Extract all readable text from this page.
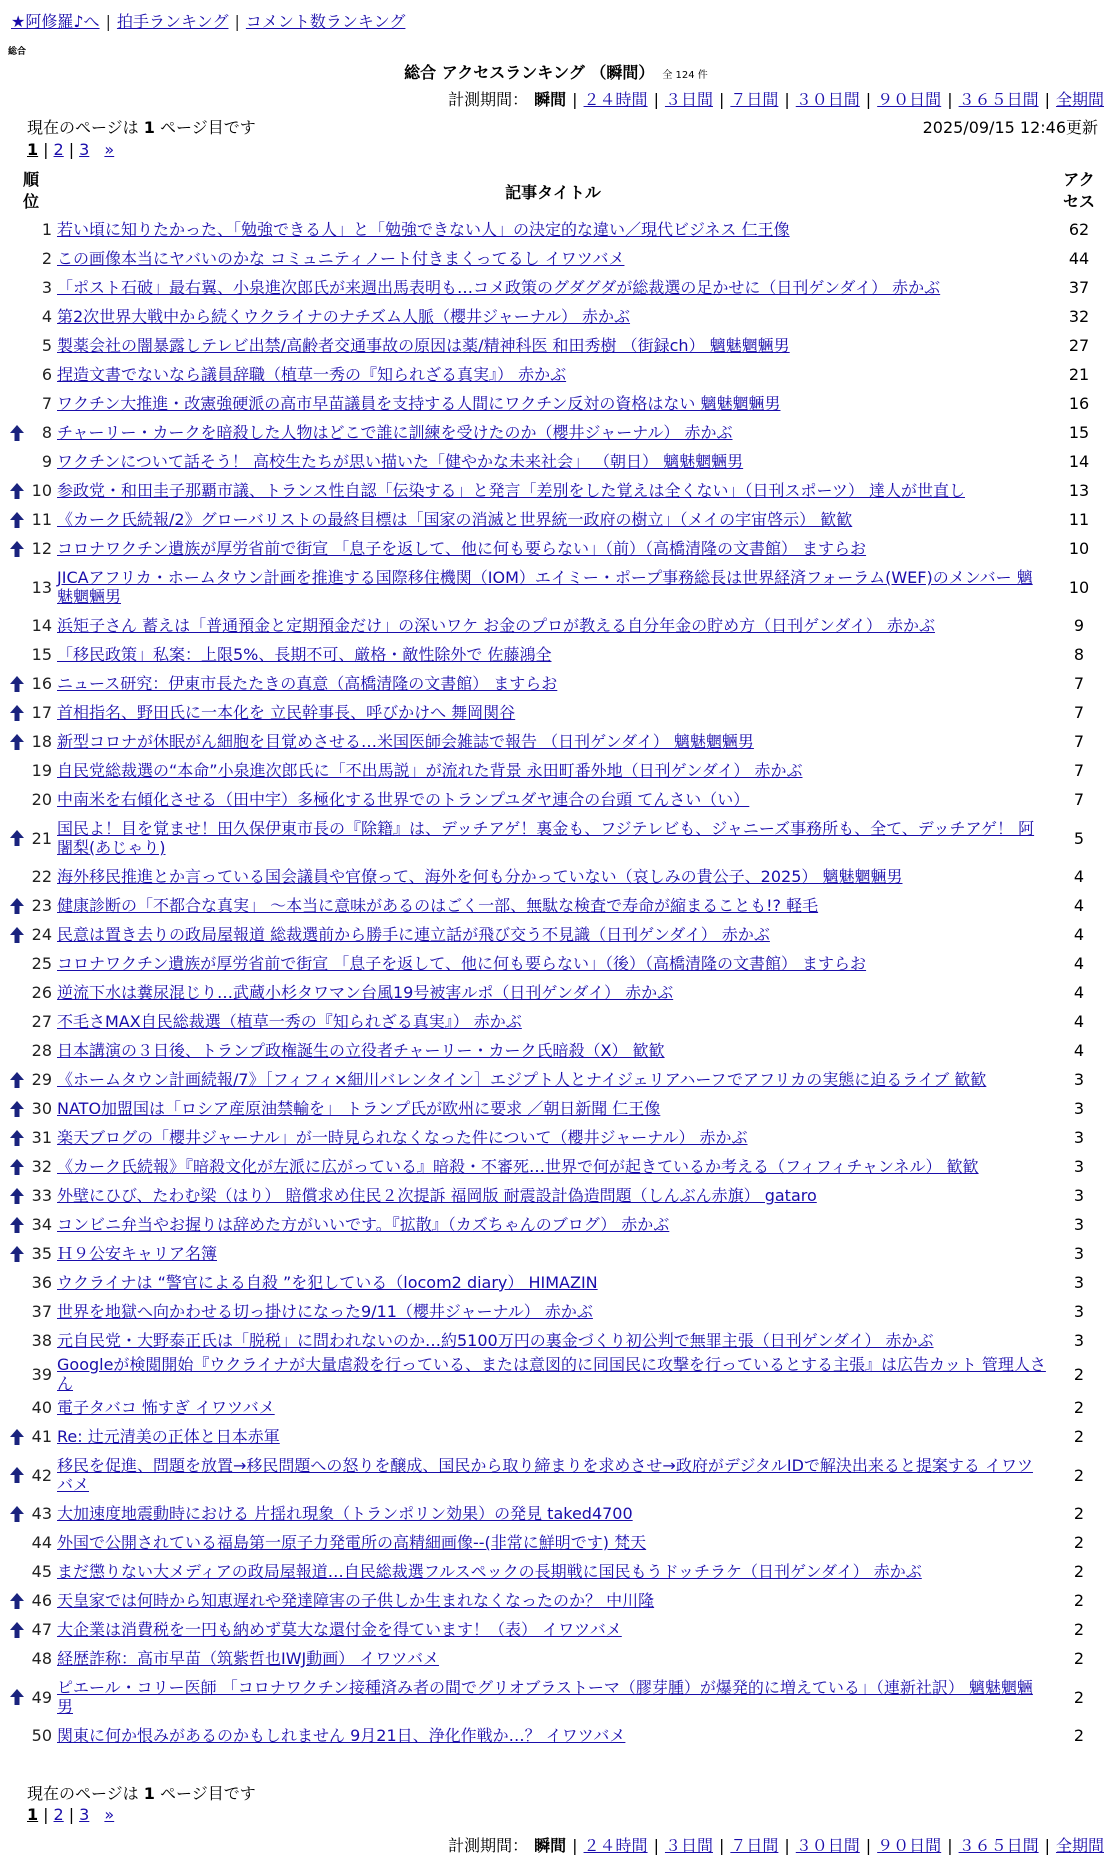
★阿修羅♪へ | 拍手ランキング | コメント数ランキング
総合
総合 アクセスランキング （瞬間） 全 124 件
計測期間： 瞬間 | ２４時間 | ３日間 | ７日間 | ３０日間 | ９０日間 | ３６５日間 | 全期間
現在のページは 1 ページ目です	2025/09/15 12:46更新
1 | 2 | 3 »
順位	記事タイトル	アクセス
1	若い頃に知りたかった、「勉強できる人」と「勉強できない人」の決定的な違い／現代ビジネス 仁王像	62
2	この画像本当にヤバいのかな コミュニティノート付きまくってるし イワツバメ	44
3	「ポスト石破」最右翼、小泉進次郎氏が来週出馬表明も…コメ政策のグダグダが総裁選の足かせに（日刊ゲンダイ） 赤かぶ	37
4	第2次世界大戦中から続くウクライナのナチズム人脈（櫻井ジャーナル） 赤かぶ	32
5	製薬会社の闇暴露しテレビ出禁/高齢者交通事故の原因は薬/精神科医 和田秀樹 （街録ch） 魑魅魍魎男	27
6	捏造文書でないなら議員辞職（植草一秀の『知られざる真実』） 赤かぶ	21
7	ワクチン大推進・改憲強硬派の高市早苗議員を支持する人間にワクチン反対の資格はない 魑魅魍魎男	16

8	チャーリー・カークを暗殺した人物はどこで誰に訓練を受けたのか（櫻井ジャーナル） 赤かぶ	15
9	ワクチンについて話そう！ 高校生たちが思い描いた「健やかな未来社会」 （朝日） 魑魅魍魎男	14

10	参政党・和田圭子那覇市議、トランス性自認「伝染する」と発言「差別をした覚えは全くない」（日刊スポーツ） 達人が世直し	13

11	《カーク氏続報/2》グローバリストの最終目標は「国家の消滅と世界統一政府の樹立」（メイの宇宙啓示） 歓歓	11

12	コロナワクチン遺族が厚労省前で街宣 「息子を返して、他に何も要らない」（前）（高橋清隆の文書館） ますらお	10
13	JICAアフリカ・ホームタウン計画を推進する国際移住機関（IOM）エイミー・ポープ事務総長は世界経済フォーラム(WEF)のメンバー 魑魅魍魎男	10
14	浜矩子さん 蓄えは「普通預金と定期預金だけ」の深いワケ お金のプロが教える自分年金の貯め方（日刊ゲンダイ） 赤かぶ	9
15	「移民政策」私案：上限5%、長期不可、厳格・敵性除外で 佐藤鴻全	8

16	ニュース研究：伊東市長たたきの真意（高橋清隆の文書館） ますらお	7

17	首相指名、野田氏に一本化を 立民幹事長、呼びかけへ 舞岡関谷	7

18	新型コロナが休眠がん細胞を目覚めさせる…米国医師会雑誌で報告 （日刊ゲンダイ） 魑魅魍魎男	7
19	自民党総裁選の“本命”小泉進次郎氏に「不出馬説」が流れた背景 永田町番外地（日刊ゲンダイ） 赤かぶ	7
20	中南米を右傾化させる（田中宇）多極化する世界でのトランプユダヤ連合の台頭 てんさい（い）	7

21	国民よ！目を覚ませ！田久保伊東市長の『除籍』は、デッチアゲ！裏金も、フジテレビも、ジャニーズ事務所も、全て、デッチアゲ！ 阿闍梨(あじゃり)	5
22	海外移民推進とか言っている国会議員や官僚って、海外を何も分かっていない（哀しみの貴公子、2025） 魑魅魍魎男	4

23	健康診断の「不都合な真実」 ～本当に意味があるのはごく一部、無駄な検査で寿命が縮まることも!? 軽毛	4

24	民意は置き去りの政局屋報道 総裁選前から勝手に連立話が飛び交う不見識（日刊ゲンダイ） 赤かぶ	4
25	コロナワクチン遺族が厚労省前で街宣 「息子を返して、他に何も要らない」（後）（高橋清隆の文書館） ますらお	4
26	逆流下水は糞尿混じり…武蔵小杉タワマン台風19号被害ルポ（日刊ゲンダイ） 赤かぶ	4
27	不毛さMAX自民総裁選（植草一秀の『知られざる真実』） 赤かぶ	4
28	日本講演の３日後、トランプ政権誕生の立役者チャーリー・カーク氏暗殺（X） 歓歓	4

29	《ホームタウン計画続報/7》［フィフィ×細川バレンタイン］エジプト人とナイジェリアハーフでアフリカの実態に迫るライブ 歓歓	3

30	NATO加盟国は「ロシア産原油禁輸を」 トランプ氏が欧州に要求 ／朝日新聞 仁王像	3

31	楽天ブログの「櫻井ジャーナル」が一時見られなくなった件について（櫻井ジャーナル） 赤かぶ	3

32	《カーク氏続報》『暗殺文化が左派に広がっている』暗殺・不審死…世界で何が起きているか考える（フィフィチャンネル） 歓歓	3

33	外壁にひび、たわむ梁（はり） 賠償求め住民２次提訴 福岡版 耐震設計偽造問題（しんぶん赤旗） gataro	3

34	コンビニ弁当やお握りは辞めた方がいいです。『拡散』（カズちゃんのブログ） 赤かぶ	3

35	Ｈ９公安キャリア名簿	3
36	ウクライナは “警官による自殺 ”を犯している（locom2 diary） HIMAZIN	3
37	世界を地獄へ向かわせる切っ掛けになった9/11（櫻井ジャーナル） 赤かぶ	3
38	元自民党・大野泰正氏は「脱税」に問われないのか…約5100万円の裏金づくり初公判で無罪主張（日刊ゲンダイ） 赤かぶ	3
39	Googleが検閲開始『ウクライナが大量虐殺を行っている、または意図的に同国民に攻撃を行っているとする主張』は広告カット 管理人さん	2
40	電子タバコ 怖すぎ イワツバメ	2

41	Re: 辻元清美の正体と日本赤軍	2

42	移民を促進、問題を放置→移民問題への怒りを醸成、国民から取り締まりを求めさせ→政府がデジタルIDで解決出来ると提案する イワツバメ	2

43	大加速度地震動時における 片揺れ現象（トランポリン効果）の発見 taked4700	2
44	外国で公開されている福島第一原子力発電所の高精細画像--(非常に鮮明です) 梵天	2
45	まだ懲りない大メディアの政局屋報道…自民総裁選フルスペックの長期戦に国民もうドッチラケ（日刊ゲンダイ） 赤かぶ	2

46	天皇家では何時から知恵遅れや発達障害の子供しか生まれなくなったのか？ 中川隆	2

47	大企業は消費税を一円も納めず莫大な還付金を得ています！（表） イワツバメ	2
48	経歴詐称：高市早苗（筑紫哲也IWJ動画） イワツバメ	2

49	ピエール・コリー医師 「コロナワクチン接種済み者の間でグリオブラストーマ（膠芽腫）が爆発的に増えている」（連新社訳） 魑魅魍魎男	2
50	関東に何か恨みがあるのかもしれません 9月21日、浄化作戦か…？ イワツバメ	2
現在のページは 1 ページ目です
1 | 2 | 3 »
計測期間： 瞬間 | ２４時間 | ３日間 | ７日間 | ３０日間 | ９０日間 | ３６５日間 | 全期間
